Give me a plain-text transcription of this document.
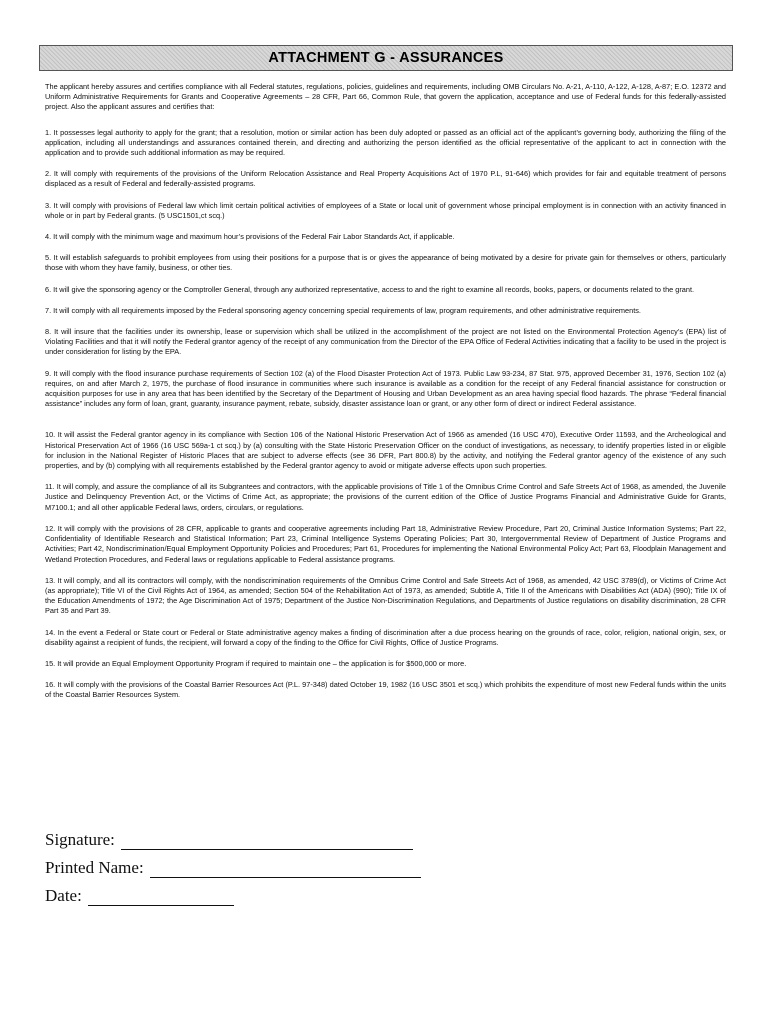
ATTACHMENT G - ASSURANCES

The applicant hereby assures and certifies compliance with all Federal statutes, regulations, policies, guidelines and requirements, including OMB Circulars No. A-21, A-110, A-122, A-128, A-87; E.O. 12372 and Uniform Administrative Requirements for Grants and Cooperative Agreements – 28 CFR, Part 66, Common Rule, that govern the application, acceptance and use of Federal funds for this federally-assisted project. Also the applicant assures and certifies that:

1. It possesses legal authority to apply for the grant; that a resolution, motion or similar action has been duly adopted or passed as an official act of the applicant’s governing body, authorizing the filing of the application, including all understandings and assurances contained therein, and directing and authorizing the person identified as the official representative of the applicant to act in connection with the application and to provide such additional information as may be required.

2. It will comply with requirements of the provisions of the Uniform Relocation Assistance and Real Property Acquisitions Act of 1970 P.L, 91-646) which provides for fair and equitable treatment of persons displaced as a result of Federal and federally-assisted programs.

3. It will comply with provisions of Federal law which limit certain political activities of employees of a State or local unit of government whose principal employment is in connection with an activity financed in whole or in part by Federal grants. (5 USC1501,ct scq.)

4. It will comply with the minimum wage and maximum hour’s provisions of the Federal Fair Labor Standards Act, if applicable.

5. It will establish safeguards to prohibit employees from using their positions for a purpose that is or gives the appearance of being motivated by a desire for private gain for themselves or others, particularly those with whom they have family, business, or other ties.

6. It will give the sponsoring agency or the Comptroller General, through any authorized representative, access to and the right to examine all records, books, papers, or documents related to the grant.

7. It will comply with all requirements imposed by the Federal sponsoring agency concerning special requirements of law, program requirements, and other administrative requirements.

8. It will insure that the facilities under its ownership, lease or supervision which shall be utilized in the accomplishment of the project are not listed on the Environmental Protection Agency’s (EPA) list of Violating Facilities and that it will notify the Federal grantor agency of the receipt of any communication from the Director of the EPA Office of Federal Activities indicating that a facility to be used in the project is under consideration for listing by the EPA.

9. It will comply with the flood insurance purchase requirements of Section 102 (a) of the Flood Disaster Protection Act of 1973. Public Law 93-234, 87 Stat. 975, approved December 31, 1976, Section 102 (a) requires, on and after March 2, 1975, the purchase of flood insurance in communities where such insurance is available as a condition for the receipt of any Federal financial assistance for construction or acquisition purposes for use in any area that has been identified by the Secretary of the Department of Housing and Urban Development as an area having special flood hazards. The phrase “Federal financial assistance” includes any form of loan, grant, guaranty, insurance payment, rebate, subsidy, disaster assistance loan or grant, or any other form of direct or indirect Federal assistance.

10. It will assist the Federal grantor agency in its compliance with Section 106 of the National Historic Preservation Act of 1966 as amended (16 USC 470), Executive Order 11593, and the Archeological and Historical Preservation Act of 1966 (16 USC 569a-1 ct scq.) by (a) consulting with the State Historic Preservation Officer on the conduct of investigations, as necessary, to identify properties listed in or eligible for inclusion in the National Register of Historic Places that are subject to adverse effects (see 36 DFR, Part 800.8) by the activity, and notifying the Federal grantor agency of the existence of any such properties, and by (b) complying with all requirements established by the Federal grantor agency to avoid or mitigate adverse effects upon such properties.

11. It will comply, and assure the compliance of all its Subgrantees and contractors, with the applicable provisions of Title 1 of the Omnibus Crime Control and Safe Streets Act of 1968, as amended, the Juvenile Justice and Delinquency Prevention Act, or the Victims of Crime Act, as appropriate; the provisions of the current edition of the Office of Justice Programs Financial and Administrative Guide for Grants, M7100.1; and all other applicable Federal laws, orders, circulars, or regulations.

12. It will comply with the provisions of 28 CFR, applicable to grants and cooperative agreements including Part 18, Administrative Review Procedure, Part 20, Criminal Justice Information Systems; Part 22, Confidentiality of Identifiable Research and Statistical Information; Part 23, Criminal Intelligence Systems Operating Policies; Part 30, Intergovernmental Review of Department of Justice Programs and Activities; Part 42, Nondiscrimination/Equal Employment Opportunity Policies and Procedures; Part 61, Procedures for implementing the National Environmental Policy Act; Part 63, Floodplain Management and Wetland Protection Procedures, and Federal laws or regulations applicable to Federal assistance programs.

13. It will comply, and all its contractors will comply, with the nondiscrimination requirements of the Omnibus Crime Control and Safe Streets Act of 1968, as amended, 42 USC 3789(d), or Victims of Crime Act (as appropriate); Title VI of the Civil Rights Act of 1964, as amended; Section 504 of the Rehabilitation Act of 1973, as amended; Subtitle A, Title II of the Americans with Disabilities Act (ADA) (990); Title IX of the Education Amendments of 1972; the Age Discrimination Act of 1975; Department of the Justice Non-Discrimination Regulations, and Departments of Justice regulations on disability discrimination, 28 CFR Part 35 and Part 39.

14. In the event a Federal or State court or Federal or State administrative agency makes a finding of discrimination after a due process hearing on the grounds of race, color, religion, national origin, sex, or disability against a recipient of funds, the recipient, will forward a copy of the finding to the Office for Civil Rights, Office of Justice Programs.

15. It will provide an Equal Employment Opportunity Program if required to maintain one – the application is for $500,000 or more.

16. It will comply with the provisions of the Coastal Barrier Resources Act (P.L. 97-348) dated October 19, 1982 (16 USC 3501 et scq.) which prohibits the expenditure of most new Federal funds within the units of the Coastal Barrier Resources System.

Signature:
Printed Name:
Date:
